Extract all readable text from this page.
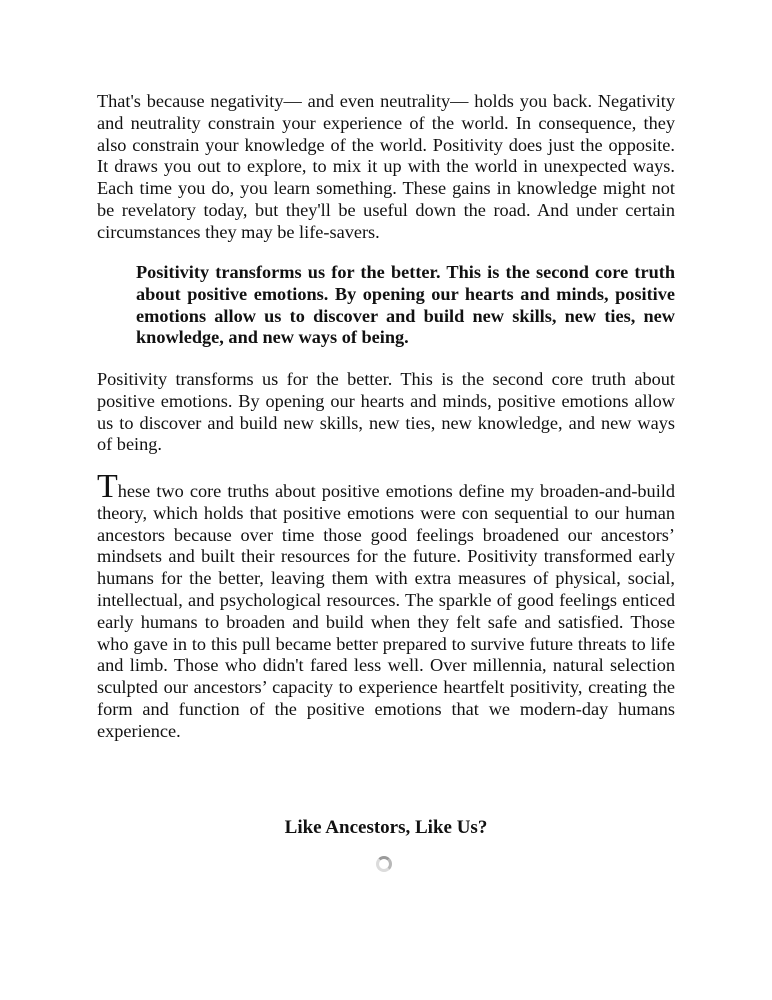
That's because negativity— and even neutrality— holds you back. Negativity and neutrality constrain your experience of the world. In consequence, they also constrain your knowledge of the world. Positivity does just the opposite. It draws you out to explore, to mix it up with the world in unexpected ways. Each time you do, you learn something. These gains in knowledge might not be revelatory today, but they'll be useful down the road. And under certain circumstances they may be life-savers.

Positivity transforms us for the better. This is the second core truth about positive emotions. By opening our hearts and minds, positive emotions allow us to discover and build new skills, new ties, new knowledge, and new ways of being.

Positivity transforms us for the better. This is the second core truth about positive emotions. By opening our hearts and minds, positive emotions allow us to discover and build new skills, new ties, new knowledge, and new ways of being.

These two core truths about positive emotions define my broaden-and-build theory, which holds that positive emotions were con sequential to our human ancestors because over time those good feelings broadened our ancestors’ mindsets and built their resources for the future. Positivity transformed early humans for the better, leaving them with extra measures of physical, social, intellectual, and psychological resources. The sparkle of good feelings enticed early humans to broaden and build when they felt safe and satisfied. Those who gave in to this pull became better prepared to survive future threats to life and limb. Those who didn't fared less well. Over millennia, natural selection sculpted our ancestors’ capacity to experience heartfelt positivity, creating the form and function of the positive emotions that we modern-day humans experience.

Like Ancestors, Like Us?
